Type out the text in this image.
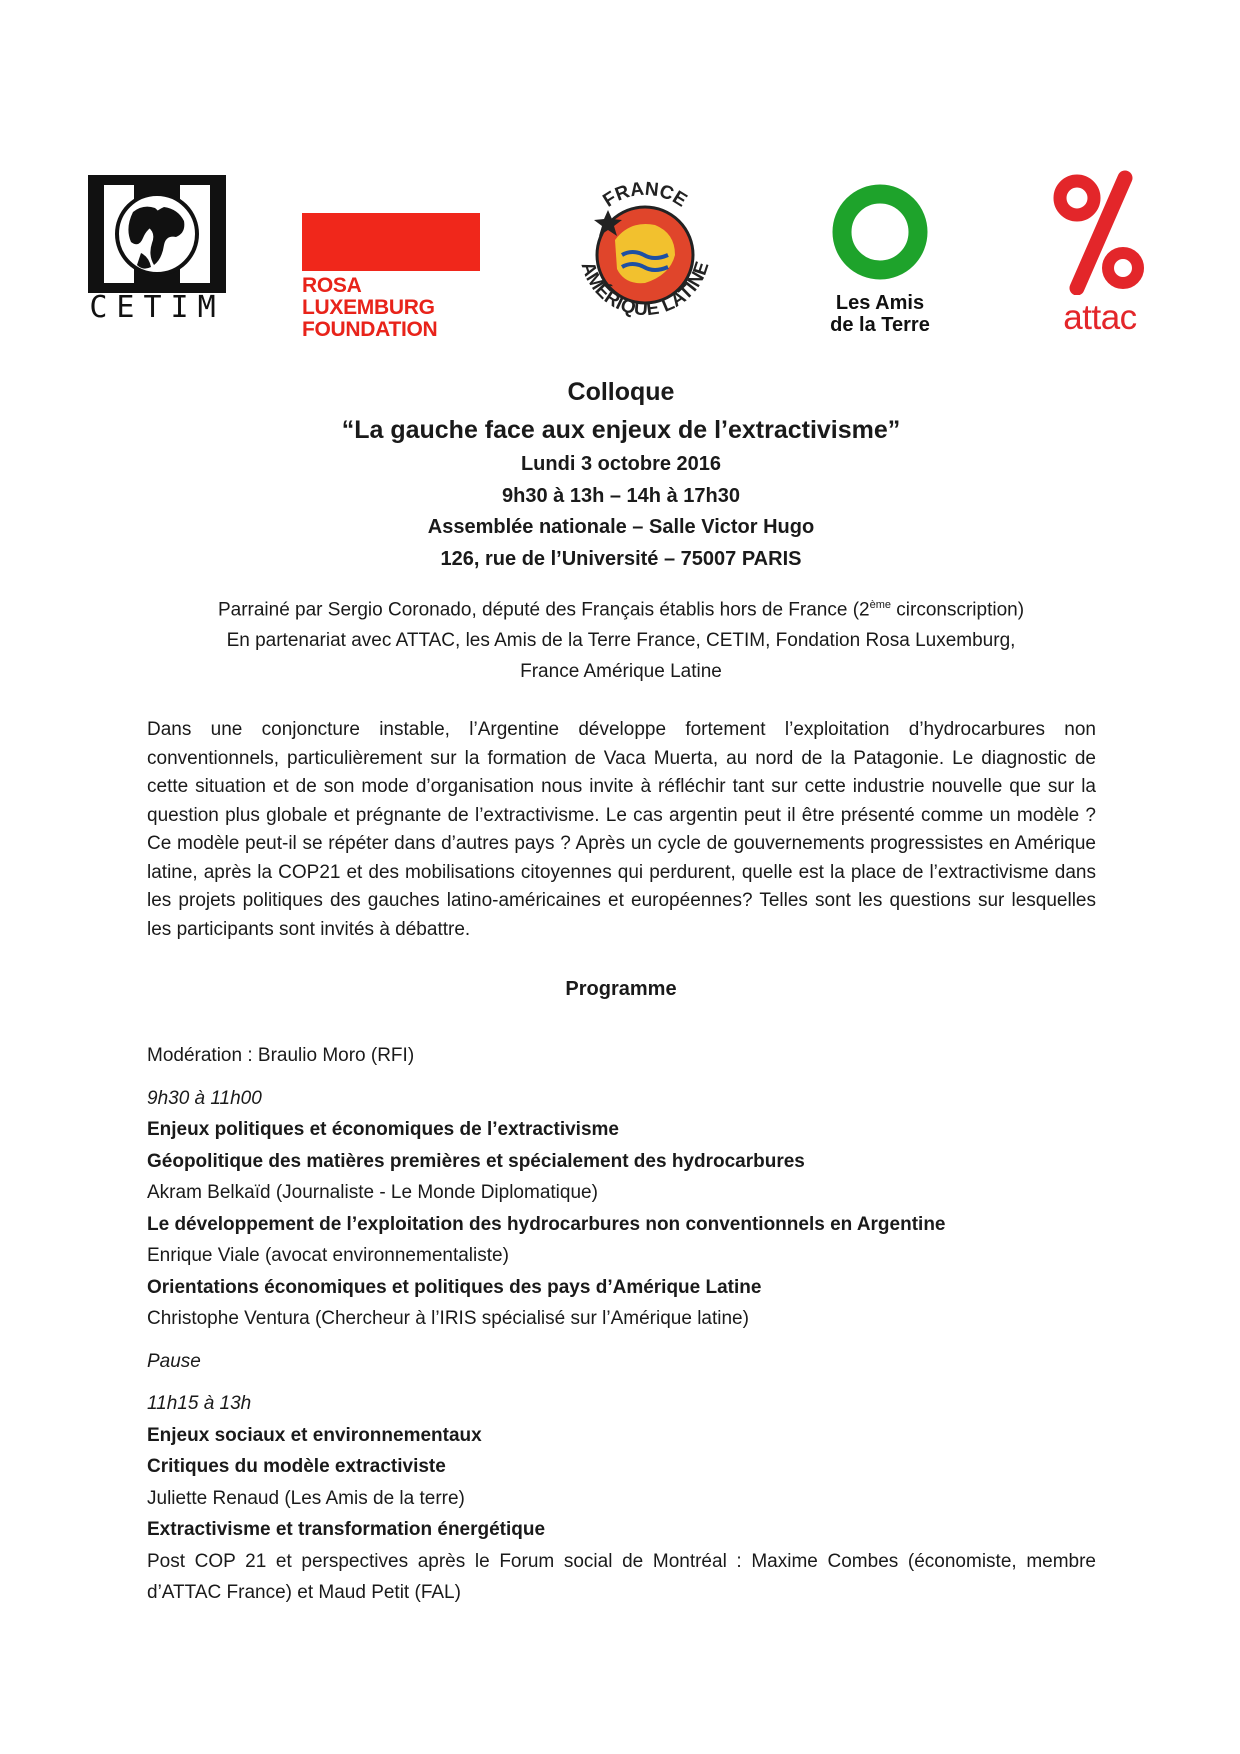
CETIM
ROSA
LUXEMBURG
FOUNDATION
FRANCE
AMÉRIQUE LATINE
Les Amis
de la Terre	attac
Colloque
“La gauche face aux enjeux de l’extractivisme”
Lundi 3 octobre 2016
9h30 à 13h – 14h à 17h30
Assemblée nationale – Salle Victor Hugo
126, rue de l’Université – 75007 PARIS
Parrainé par Sergio Coronado, député des Français établis hors de France (2ème circonscription)
En partenariat avec ATTAC, les Amis de la Terre France, CETIM, Fondation Rosa Luxemburg,
France Amérique Latine
Dans une conjoncture instable, l’Argentine développe fortement l’exploitation d’hydrocarbures non conventionnels, particulièrement sur la formation de Vaca Muerta, au nord de la Patagonie. Le diagnostic de cette situation et de son mode d’organisation nous invite à réfléchir tant sur cette industrie nouvelle que sur la question plus globale et prégnante de l’extractivisme. Le cas argentin peut il être présenté comme un modèle ? Ce modèle peut-il se répéter dans d’autres pays ? Après un cycle de gouvernements progressistes en Amérique latine, après la COP21 et des mobilisations citoyennes qui perdurent, quelle est la place de l’extractivisme dans les projets politiques des gauches latino-américaines et européennes? Telles sont les questions sur lesquelles les participants sont invités à débattre.
Programme
Modération : Braulio Moro (RFI)
9h30 à 11h00
Enjeux politiques et économiques de l’extractivisme
Géopolitique des matières premières et spécialement des hydrocarbures
Akram Belkaïd (Journaliste - Le Monde Diplomatique)
Le développement de l’exploitation des hydrocarbures non conventionnels en Argentine
Enrique Viale (avocat environnementaliste)
Orientations économiques et politiques des pays d’Amérique Latine
Christophe Ventura (Chercheur à l’IRIS spécialisé sur l’Amérique latine)
Pause
11h15 à 13h
Enjeux sociaux et environnementaux
Critiques du modèle extractiviste
Juliette Renaud (Les Amis de la terre)
Extractivisme et transformation énergétique
Post COP 21 et perspectives après le Forum social de Montréal : Maxime Combes (économiste, membre d’ATTAC France) et Maud Petit (FAL)
